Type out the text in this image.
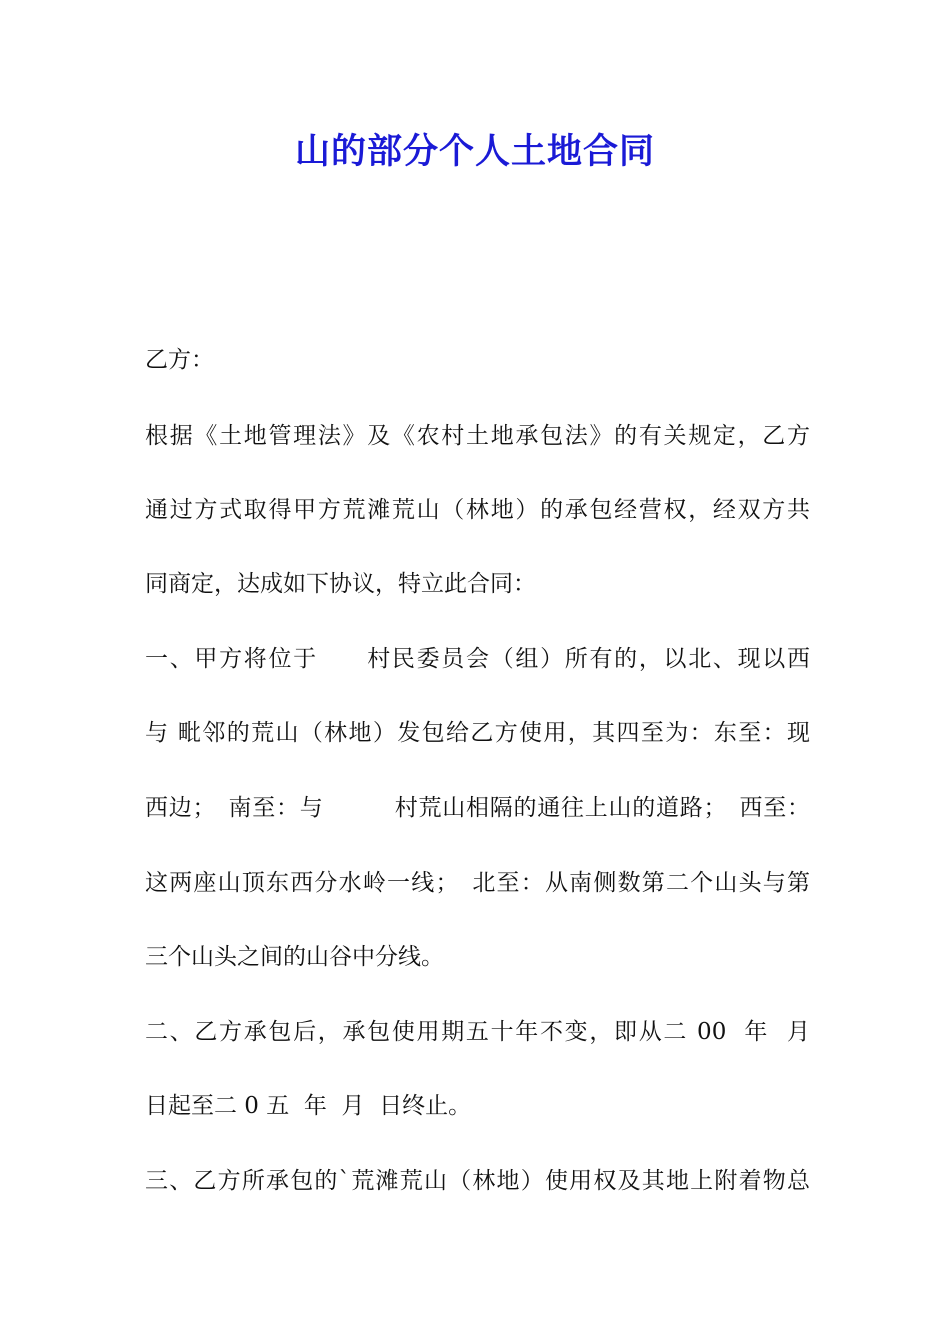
山的部分个人土地合同
乙方：
根据《土地管理法》及《农村土地承包法》的有关规定，乙方
通过方式取得甲方荒滩荒山（林地）的承包经营权，经双方共
同商定，达成如下协议，特立此合同：
一、甲方将位于　　村民委员会（组）所有的，以北、现以西
与 毗邻的荒山（林地）发包给乙方使用，其四至为：东至：现
西边；　南至：与　　　村荒山相隔的通往上山的道路；　西至：
这两座山顶东西分水岭一线；　北至：从南侧数第二个山头与第
三个山头之间的山谷中分线。
二、乙方承包后，承包使用期五十年不变，即从二 00  年  月
日起至二 0 五  年  月  日终止。
三、乙方所承包的`荒滩荒山（林地）使用权及其地上附着物总
